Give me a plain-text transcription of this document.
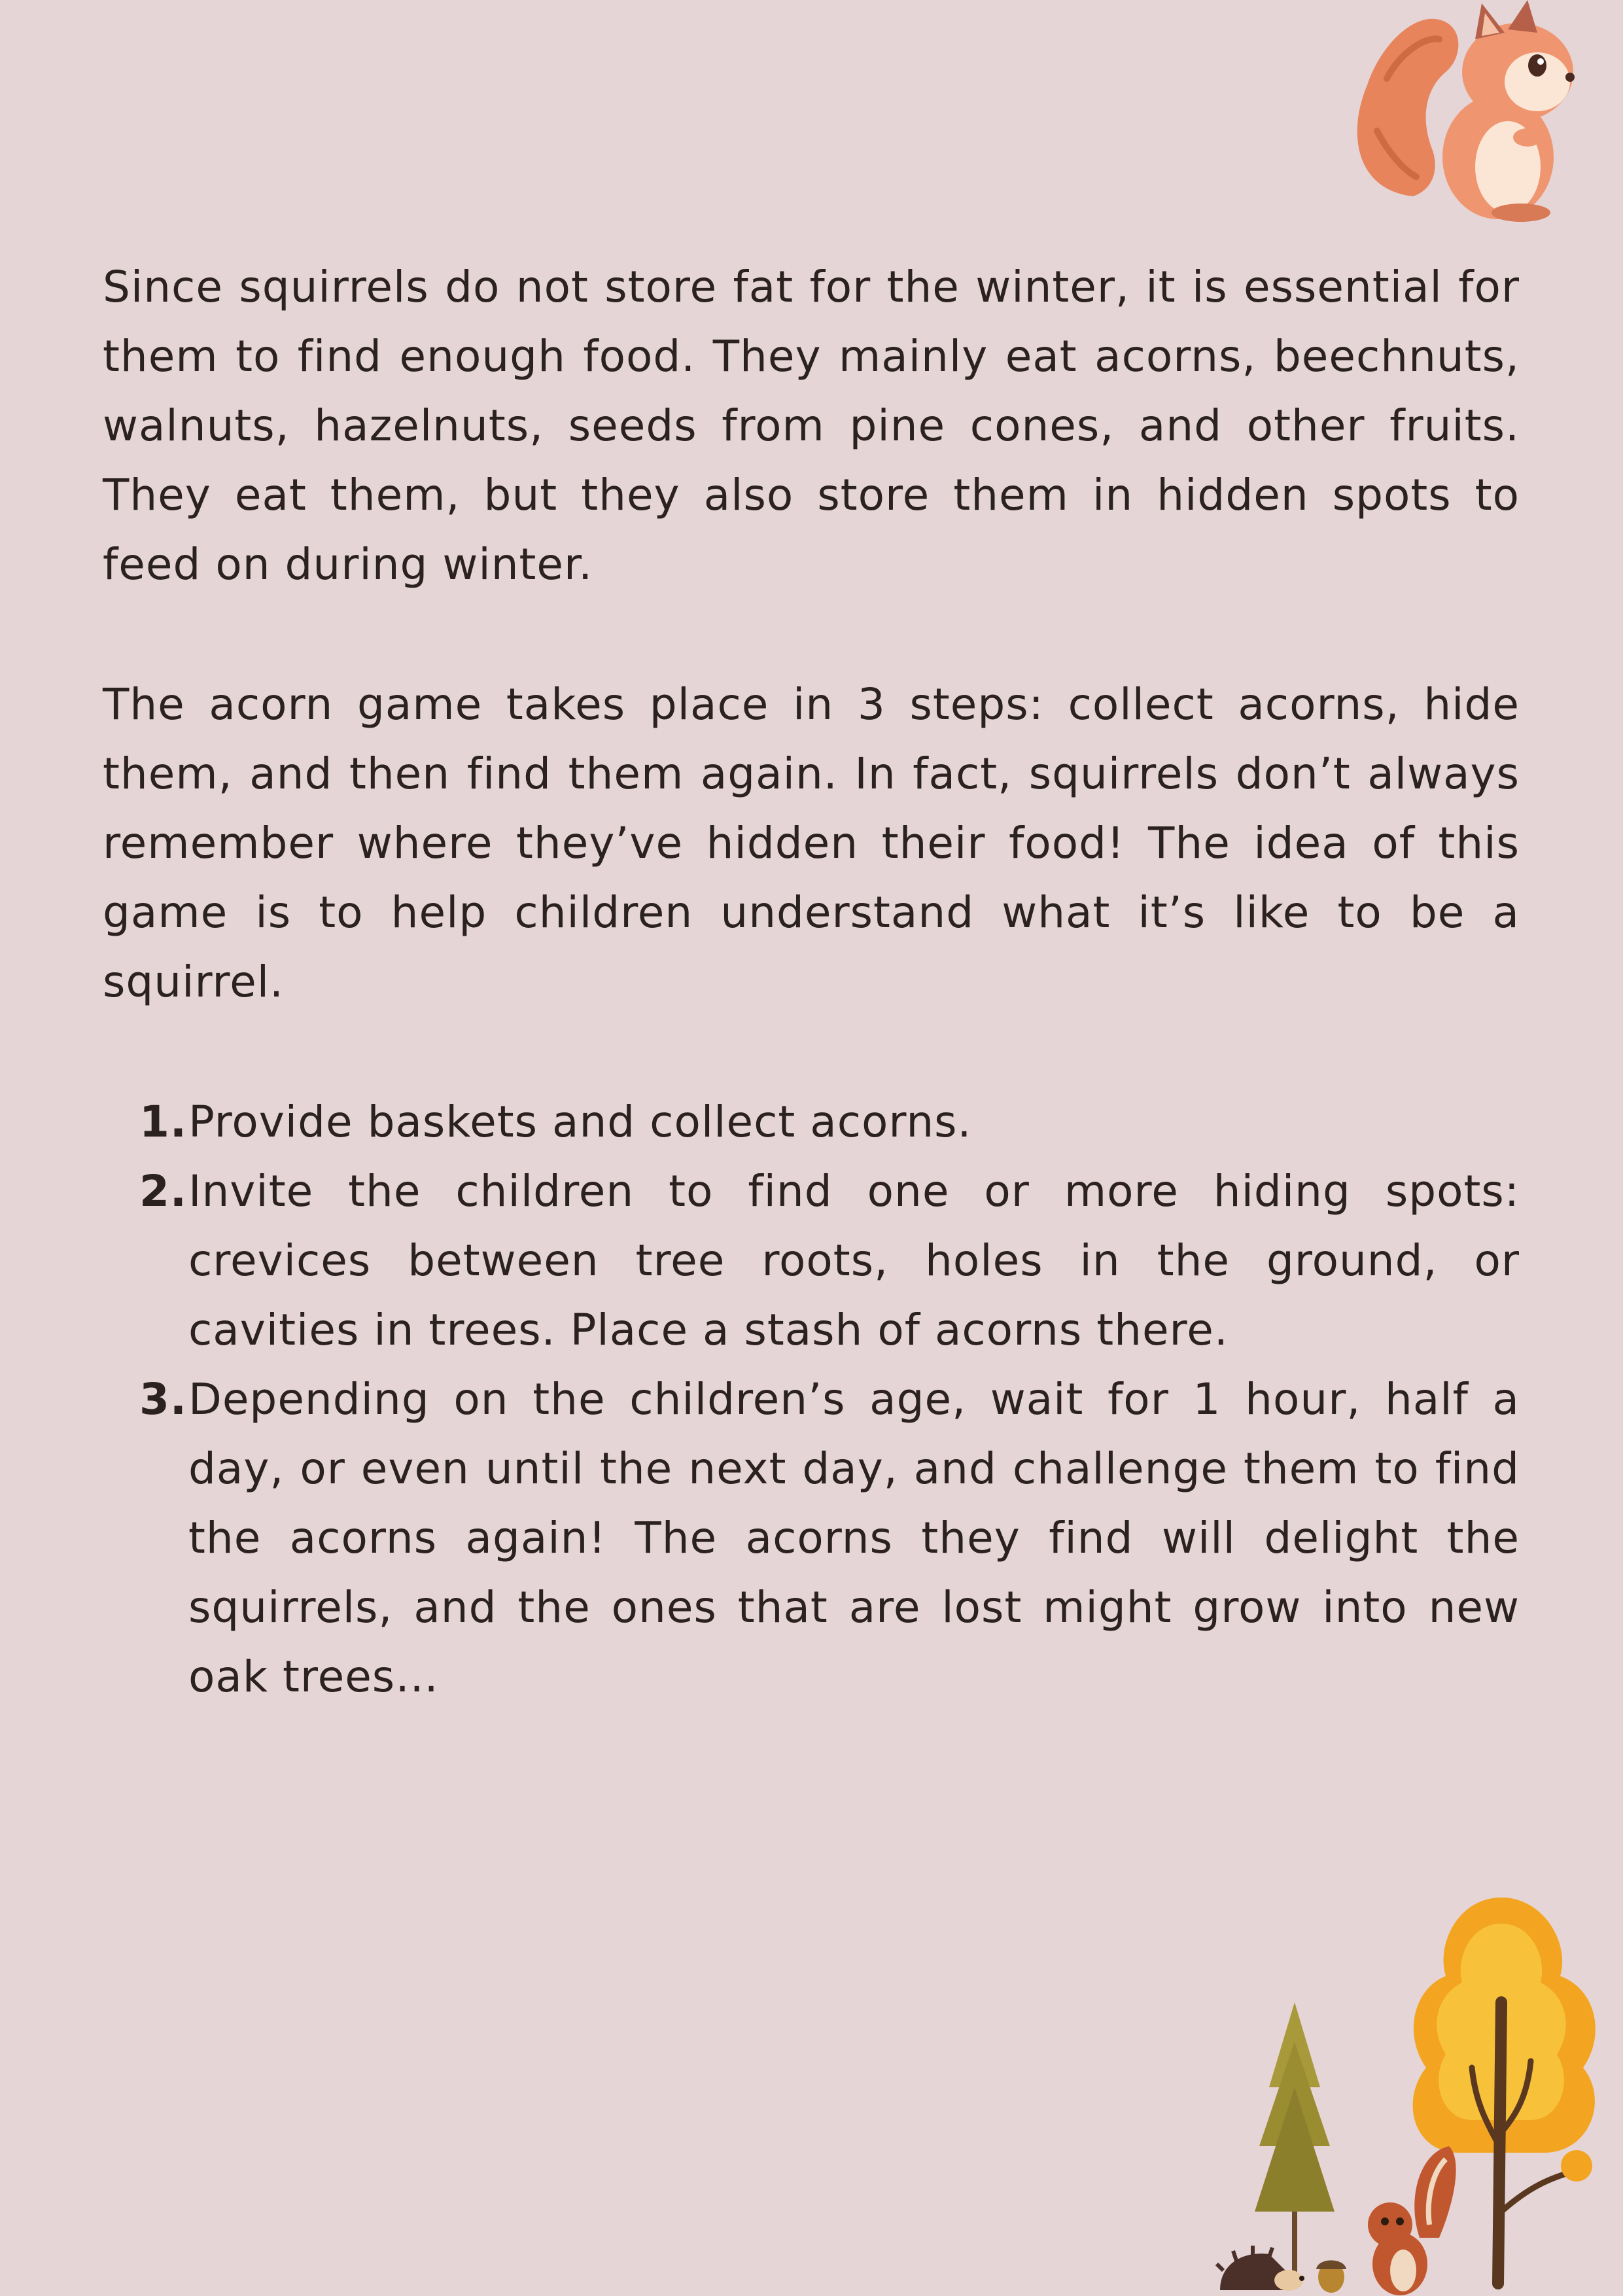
Since squirrels do not store fat for the winter, it is essential for them to find enough food. They mainly eat acorns, beechnuts, walnuts, hazelnuts, seeds from pine cones, and other fruits. They eat them, but they also store them in hidden spots to feed on during winter.

The acorn game takes place in 3 steps: collect acorns, hide them, and then find them again. In fact, squirrels don’t always remember where they’ve hidden their food! The idea of this game is to help children understand what it’s like to be a squirrel.

1. Provide baskets and collect acorns.
2. Invite the children to find one or more hiding spots: crevices between tree roots, holes in the ground, or cavities in trees. Place a stash of acorns there.
3. Depending on the children’s age, wait for 1 hour, half a day, or even until the next day, and challenge them to find the acorns again! The acorns they find will delight the squirrels, and the ones that are lost might grow into new oak trees…
